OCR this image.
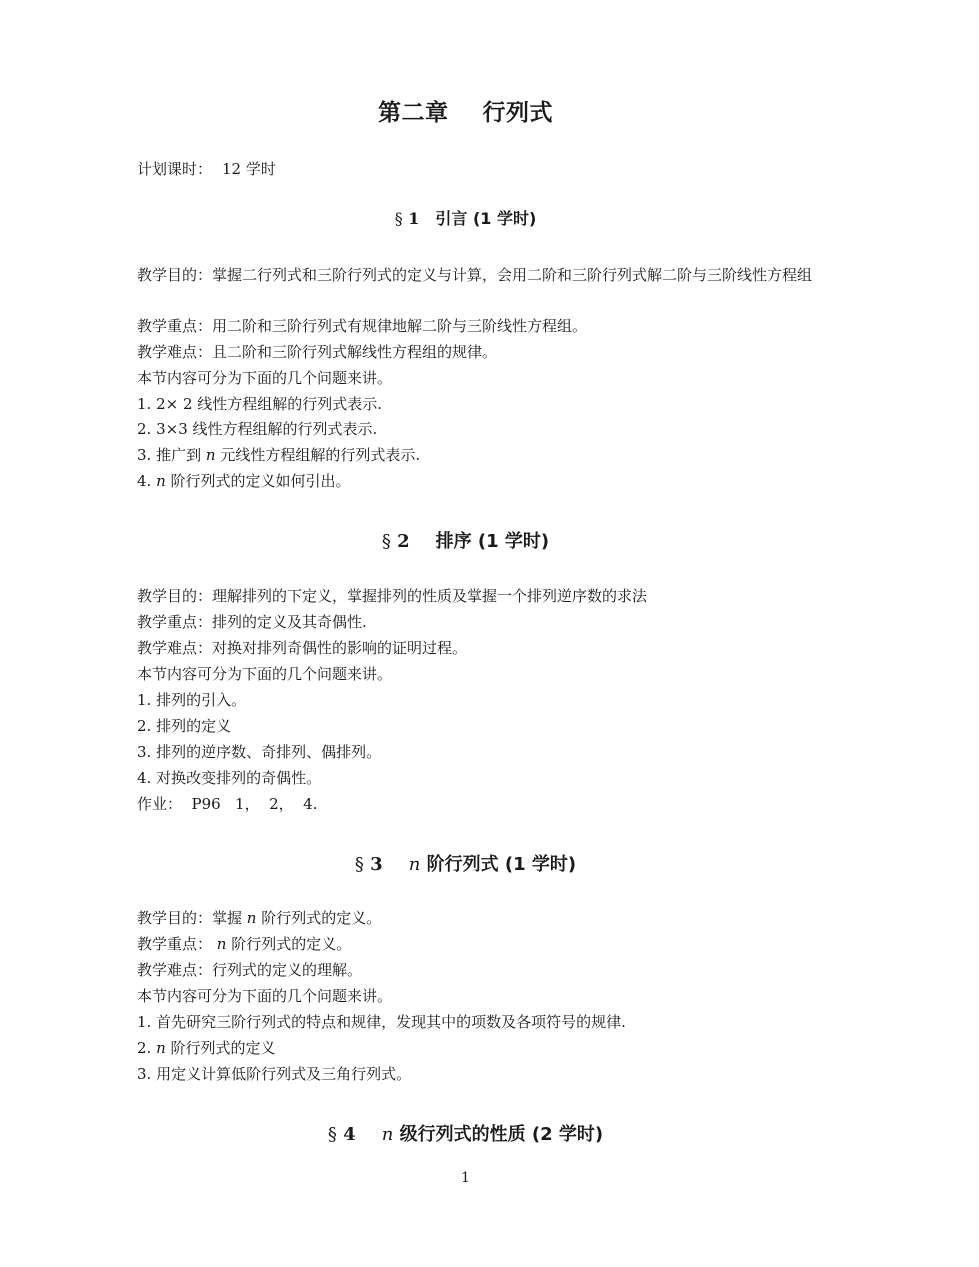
第二章 行列式
计划课时： 12 学时
§ 1 引言 (1 学时)
教学目的：掌握二行列式和三阶行列式的定义与计算，会用二阶和三阶行列式解二阶与三阶线性方程组
教学重点：用二阶和三阶行列式有规律地解二阶与三阶线性方程组。
教学难点：且二阶和三阶行列式解线性方程组的规律。
本节内容可分为下面的几个问题来讲。
1. 2× 2 线性方程组解的行列式表示.
2. 3×3 线性方程组解的行列式表示.
3. 推广到 n 元线性方程组解的行列式表示.
4. n 阶行列式的定义如何引出。
§ 2 排序 (1 学时)
教学目的：理解排列的下定义，掌握排列的性质及掌握一个排列逆序数的求法
教学重点：排列的定义及其奇偶性.
教学难点：对换对排列奇偶性的影响的证明过程。
本节内容可分为下面的几个问题来讲。
1. 排列的引入。
2. 排列的定义
3. 排列的逆序数、奇排列、偶排列。
4. 对换改变排列的奇偶性。
作业：  P96   1，  2，  4.
§ 3 n 阶行列式 (1 学时)
教学目的：掌握 n 阶行列式的定义。
教学重点： n 阶行列式的定义。
教学难点：行列式的定义的理解。
本节内容可分为下面的几个问题来讲。
1. 首先研究三阶行列式的特点和规律，发现其中的项数及各项符号的规律.
2. n 阶行列式的定义
3. 用定义计算低阶行列式及三角行列式。
§ 4 n 级行列式的性质 (2 学时)
1
